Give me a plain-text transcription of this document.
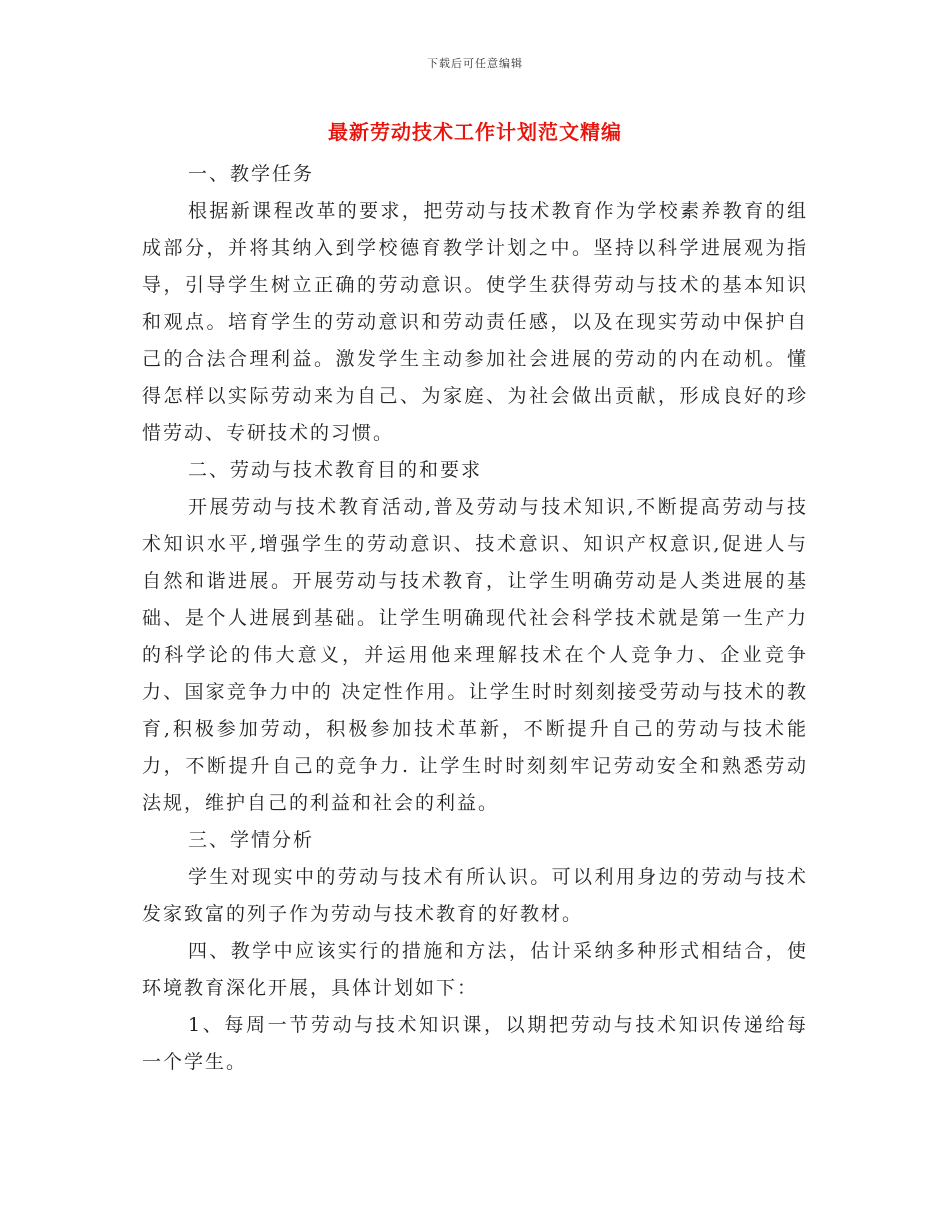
下载后可任意编辑
最新劳动技术工作计划范文精编

一、教学任务

根据新课程改革的要求，把劳动与技术教育作为学校素养教育的组成部分，并将其纳入到学校德育教学计划之中。坚持以科学进展观为指导，引导学生树立正确的劳动意识。使学生获得劳动与技术的基本知识和观点。培育学生的劳动意识和劳动责任感，以及在现实劳动中保护自己的合法合理利益。激发学生主动参加社会进展的劳动的内在动机。懂得怎样以实际劳动来为自己、为家庭、为社会做出贡献，形成良好的珍惜劳动、专研技术的习惯。

二、劳动与技术教育目的和要求

开展劳动与技术教育活动,普及劳动与技术知识,不断提高劳动与技术知识水平,增强学生的劳动意识、技术意识、知识产权意识,促进人与自然和谐进展。开展劳动与技术教育，让学生明确劳动是人类进展的基础、是个人进展到基础。让学生明确现代社会科学技术就是第一生产力的科学论的伟大意义，并运用他来理解技术在个人竞争力、企业竞争力、国家竞争力中的 决定性作用。让学生时时刻刻接受劳动与技术的教育,积极参加劳动，积极参加技术革新，不断提升自己的劳动与技术能力，不断提升自己的竞争力. 让学生时时刻刻牢记劳动安全和熟悉劳动法规，维护自己的利益和社会的利益。

三、学情分析

学生对现实中的劳动与技术有所认识。可以利用身边的劳动与技术发家致富的列子作为劳动与技术教育的好教材。

四、教学中应该实行的措施和方法，估计采纳多种形式相结合，使环境教育深化开展，具体计划如下：

1、每周一节劳动与技术知识课，以期把劳动与技术知识传递给每一个学生。
